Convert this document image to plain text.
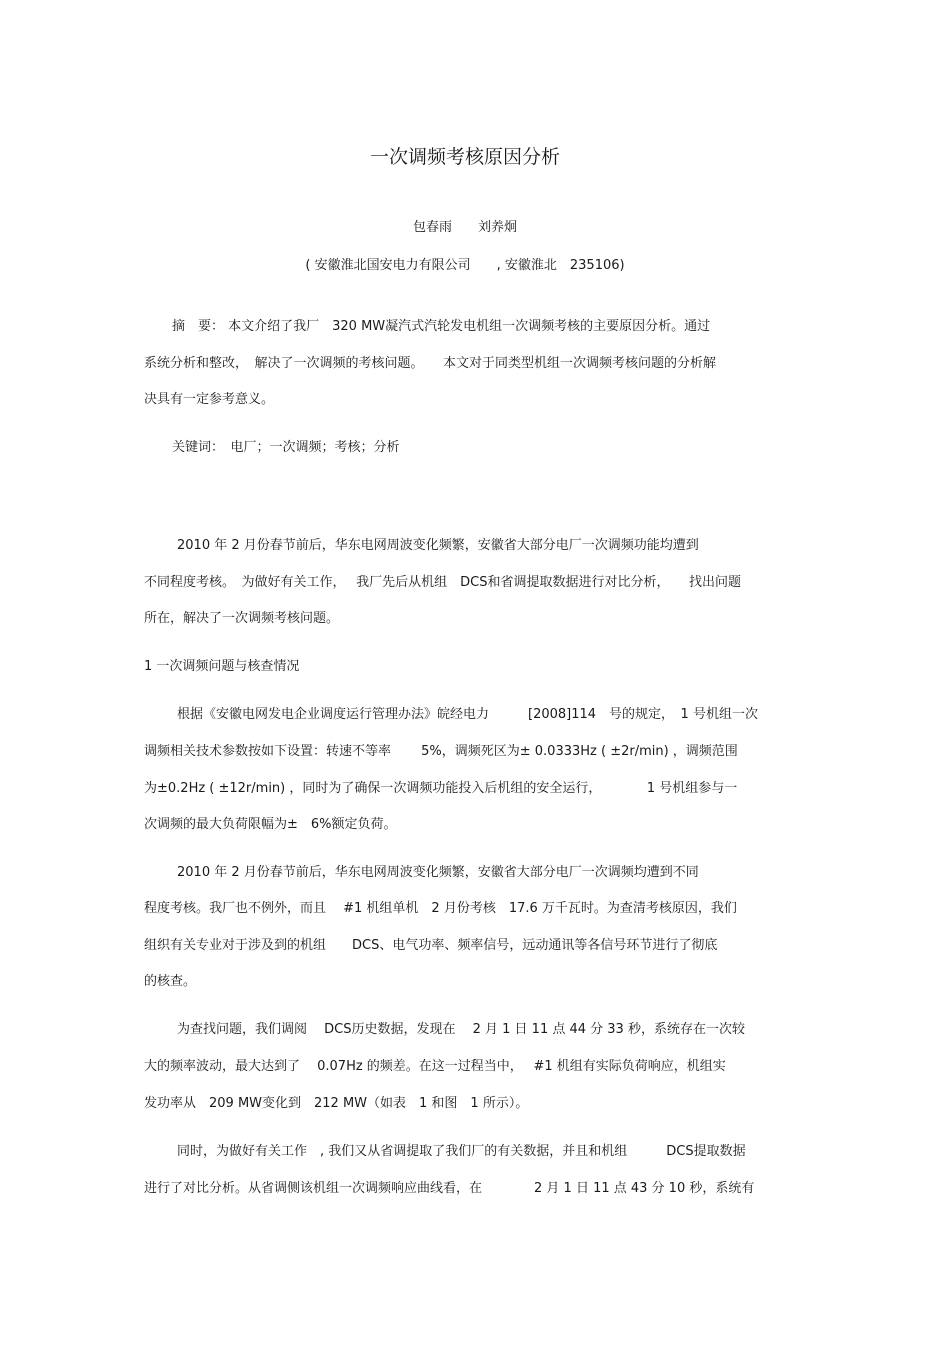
一次调频考核原因分析
包春雨　　刘养炯
( 安徽淮北国安电力有限公司　　, 安徽淮北　235106)
摘　要： 本文介绍了我厂　320 MW凝汽式汽轮发电机组一次调频考核的主要原因分析。通过
系统分析和整改，　解决了一次调频的考核问题。　　本文对于同类型机组一次调频考核问题的分析解
决具有一定参考意义。
关键词：　电厂；一次调频；考核；分析
2010 年 2 月份春节前后，华东电网周波变化频繁，安徽省大部分电厂一次调频功能均遭到
不同程度考核。　为做好有关工作，　 我厂先后从机组　DCS和省调提取数据进行对比分析，　　找出问题
所在，解决了一次调频考核问题。
1 一次调频问题与核查情况
根据《安徽电网发电企业调度运行管理办法》皖经电力　　　[2008]114　号的规定，　1 号机组一次
调频相关技术参数按如下设置：转速不等率　　 5%，调频死区为± 0.0333Hz ( ±2r/min) ，调频范围
为±0.2Hz ( ±12r/min) ，同时为了确保一次调频功能投入后机组的安全运行，　　　　1 号机组参与一
次调频的最大负荷限幅为±　6%额定负荷。
2010 年 2 月份春节前后，华东电网周波变化频繁，安徽省大部分电厂一次调频均遭到不同
程度考核。我厂也不例外，而且　 #1 机组单机　2 月份考核　17.6 万千瓦时。为查清考核原因，我们
组织有关专业对于涉及到的机组　　DCS、电气功率、频率信号，远动通讯等各信号环节进行了彻底
的核查。
为查找问题，我们调阅　 DCS历史数据，发现在　 2 月 1 日 11 点 44 分 33 秒，系统存在一次较
大的频率波动，最大达到了　 0.07Hz 的频差。在这一过程当中，　 #1 机组有实际负荷响应，机组实
发功率从　209 MW变化到　212 MW（如表　1 和图　1 所示）。
同时，为做好有关工作　, 我们又从省调提取了我们厂的有关数据，并且和机组　　　DCS提取数据
进行了对比分析。从省调侧该机组一次调频响应曲线看，在　　　　2 月 1 日 11 点 43 分 10 秒，系统有
